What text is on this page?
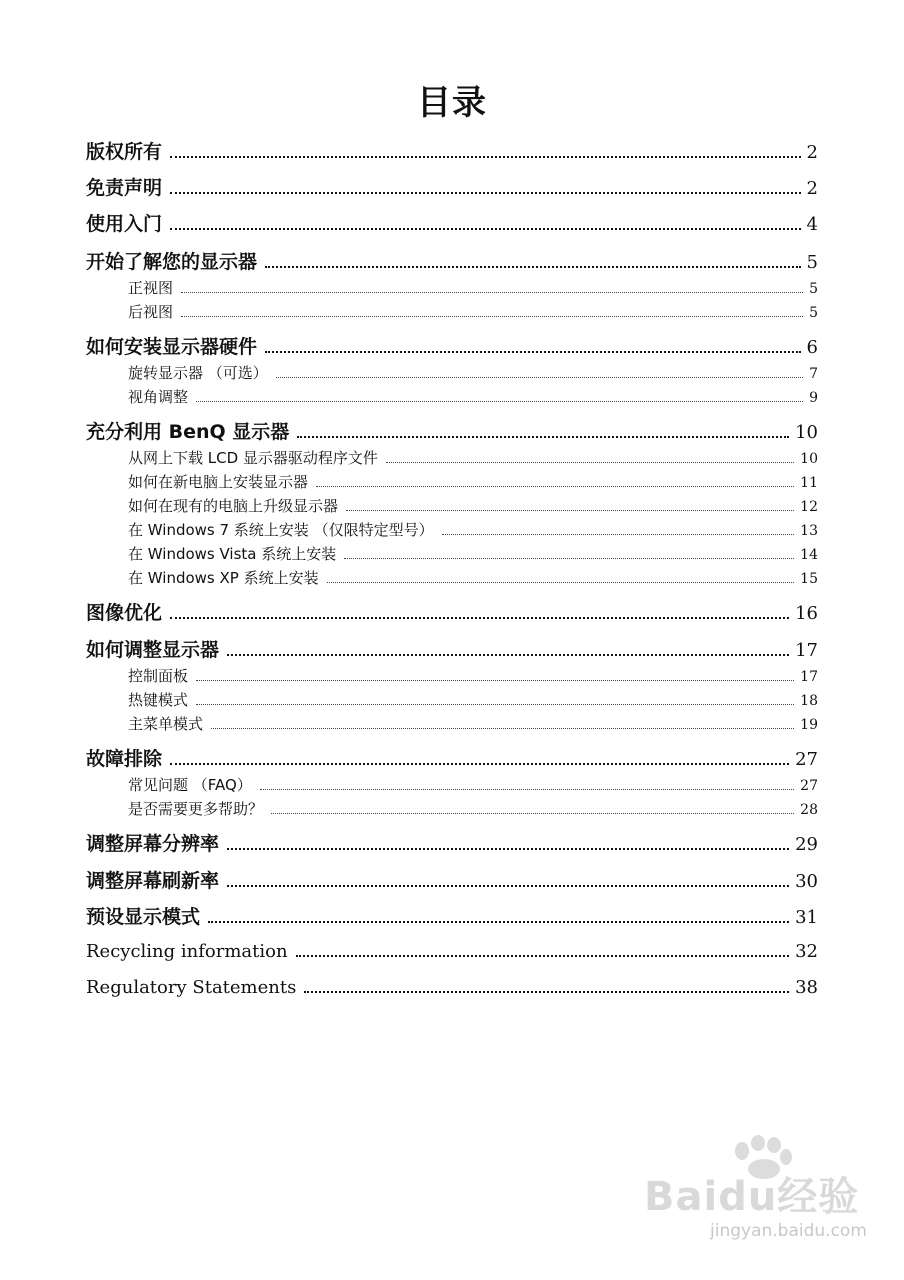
目录
版权所有	2
免责声明	2
使用入门	4
开始了解您的显示器	5
正视图	5
后视图	5
如何安装显示器硬件	6
旋转显示器 （可选）	7
视角调整	9
充分利用 BenQ 显示器	10
从网上下载 LCD 显示器驱动程序文件	10
如何在新电脑上安装显示器	11
如何在现有的电脑上升级显示器	12
在 Windows 7 系统上安装 （仅限特定型号）	13
在 Windows Vista 系统上安装	14
在 Windows XP 系统上安装	15
图像优化	16
如何调整显示器	17
控制面板	17
热键模式	18
主菜单模式	19
故障排除	27
常见问题 （FAQ）	27
是否需要更多帮助？	28
调整屏幕分辨率	29
调整屏幕刷新率	30
预设显示模式	31
Recycling information	32
Regulatory Statements	38
Baidu经验
jingyan.baidu.com
